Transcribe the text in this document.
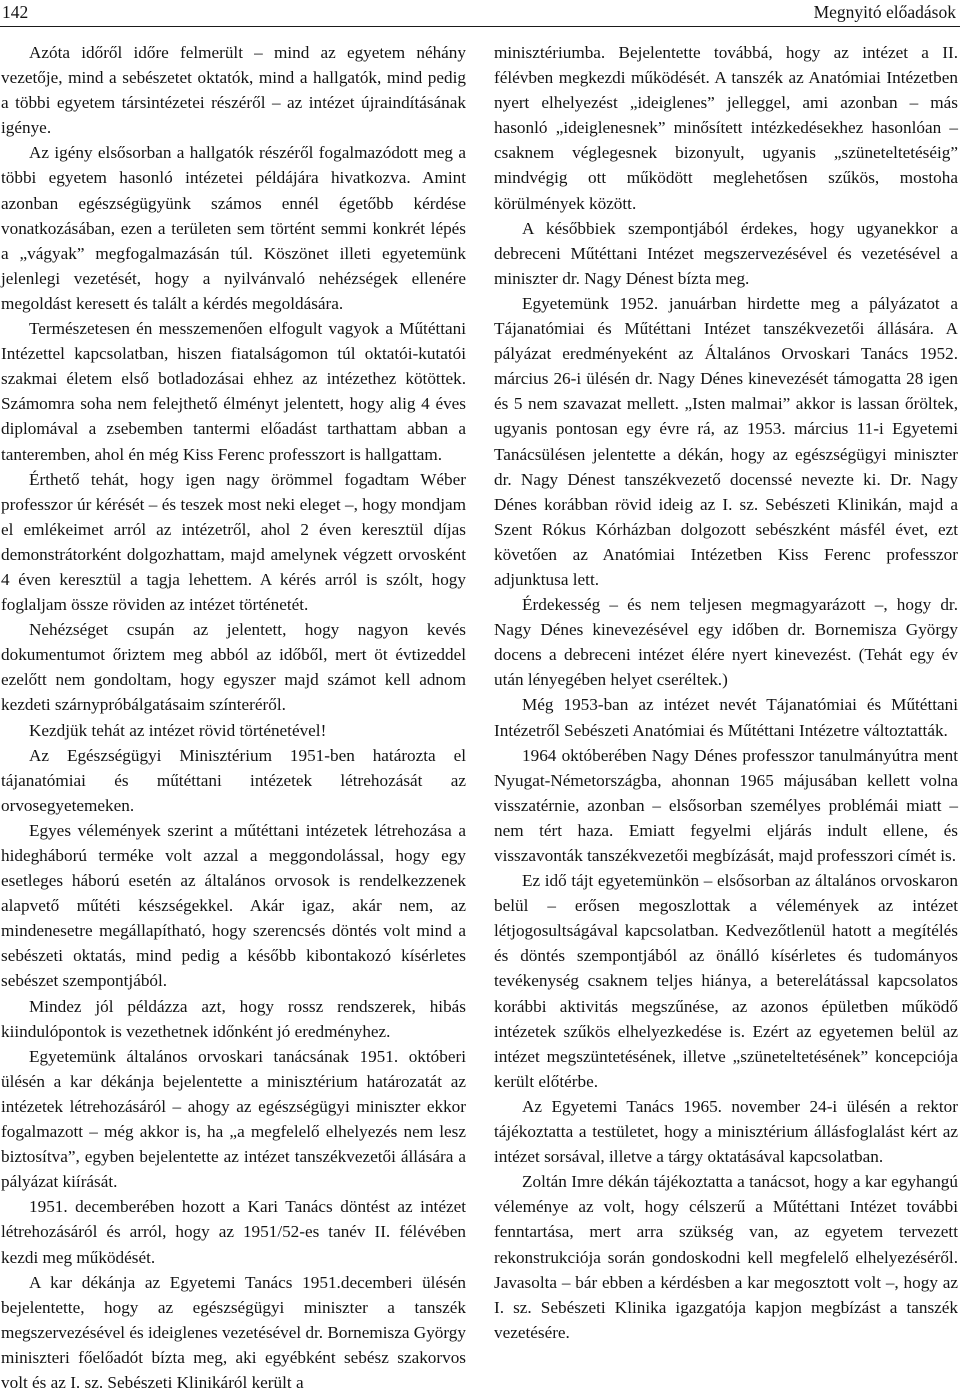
142	Megnyitó előadások

Azóta időről időre felmerült – mind az egyetem néhány vezetője, mind a sebészetet oktatók, mind a hallgatók, mind pedig a többi egyetem társintézetei részéről – az intézet újraindításának igénye.

Az igény elsősorban a hallgatók részéről fogalmazódott meg a többi egyetem hasonló intézetei példájára hivatkozva. Amint azonban egészségügyünk számos ennél égetőbb kérdése vonatkozásában, ezen a területen sem történt semmi konkrét lépés a „vágyak” megfogalmazásán túl. Köszönet illeti egyetemünk jelenlegi vezetését, hogy a nyilvánvaló nehézségek ellenére megoldást keresett és talált a kérdés megoldására.

Természetesen én messzemenően elfogult vagyok a Műtéttani Intézettel kapcsolatban, hiszen fiatalságomon túl oktatói-kutatói szakmai életem első botladozásai ehhez az intézethez kötöttek. Számomra soha nem felejthető élményt jelentett, hogy alig 4 éves diplomával a zsebemben tantermi előadást tarthattam abban a tanteremben, ahol én még Kiss Ferenc professzort is hallgattam.

Érthető tehát, hogy igen nagy örömmel fogadtam Wéber professzor úr kérését – és teszek most neki eleget –, hogy mondjam el emlékeimet arról az intézetről, ahol 2 éven keresztül díjas demonstrátorként dolgozhattam, majd amelynek végzett orvosként 4 éven keresztül a tagja lehettem. A kérés arról is szólt, hogy foglaljam össze röviden az intézet történetét.

Nehézséget csupán az jelentett, hogy nagyon kevés dokumentumot őriztem meg abból az időből, mert öt évtizeddel ezelőtt nem gondoltam, hogy egyszer majd számot kell adnom kezdeti szárnypróbálgatásaim színteréről.

Kezdjük tehát az intézet rövid történetével!

Az Egészségügyi Minisztérium 1951-ben határozta el tájanatómiai és műtéttani intézetek létrehozását az orvosegyetemeken.

Egyes vélemények szerint a műtéttani intézetek létrehozása a hidegháború terméke volt azzal a meggondolással, hogy egy esetleges háború esetén az általános orvosok is rendelkezzenek alapvető műtéti készségekkel. Akár igaz, akár nem, az mindenesetre megállapítható, hogy szerencsés döntés volt mind a sebészeti oktatás, mind pedig a később kibontakozó kísérletes sebészet szempontjából.

Mindez jól példázza azt, hogy rossz rendszerek, hibás kiindulópontok is vezethetnek időnként jó eredményhez.

Egyetemünk általános orvoskari tanácsának 1951. októberi ülésén a kar dékánja bejelentette a minisztérium határozatát az intézetek létrehozásáról – ahogy az egészségügyi miniszter ekkor fogalmazott – még akkor is, ha „a megfelelő elhelyezés nem lesz biztosítva”, egyben bejelentette az intézet tanszékvezetői állására a pályázat kiírását.

1951. decemberében hozott a Kari Tanács döntést az intézet létrehozásáról és arról, hogy az 1951/52-es tanév II. félévében kezdi meg működését.

A kar dékánja az Egyetemi Tanács 1951.decemberi ülésén bejelentette, hogy az egészségügyi miniszter a tanszék megszervezésével és ideiglenes vezetésével dr. Bornemisza György miniszteri főelőadót bízta meg, aki egyébként sebész szakorvos volt és az I. sz. Sebészeti Klinikáról került a

minisztériumba. Bejelentette továbbá, hogy az intézet a II. félévben megkezdi működését. A tanszék az Anatómiai Intézetben nyert elhelyezést „ideiglenes” jelleggel, ami azonban – más hasonló „ideiglenesnek” minősített intézkedésekhez hasonlóan – csaknem véglegesnek bizonyult, ugyanis „szüneteltetéséig” mindvégig ott működött meglehetősen szűkös, mostoha körülmények között.

A későbbiek szempontjából érdekes, hogy ugyanekkor a debreceni Műtéttani Intézet megszervezésével és vezetésével a miniszter dr. Nagy Dénest bízta meg.

Egyetemünk 1952. januárban hirdette meg a pályázatot a Tájanatómiai és Műtéttani Intézet tanszékvezetői állására. A pályázat eredményeként az Általános Orvoskari Tanács 1952. március 26-i ülésén dr. Nagy Dénes kinevezését támogatta 28 igen és 5 nem szavazat mellett. „Isten malmai” akkor is lassan őröltek, ugyanis pontosan egy évre rá, az 1953. március 11-i Egyetemi Tanácsülésen jelentette a dékán, hogy az egészségügyi miniszter dr. Nagy Dénest tanszékvezető docenssé nevezte ki. Dr. Nagy Dénes korábban rövid ideig az I. sz. Sebészeti Klinikán, majd a Szent Rókus Kórházban dolgozott sebészként másfél évet, ezt követően az Anatómiai Intézetben Kiss Ferenc professzor adjunktusa lett.

Érdekesség – és nem teljesen megmagyarázott –, hogy dr. Nagy Dénes kinevezésével egy időben dr. Bornemisza György docens a debreceni intézet élére nyert kinevezést. (Tehát egy év után lényegében helyet cseréltek.)

Még 1953-ban az intézet nevét Tájanatómiai és Műtéttani Intézetről Sebészeti Anatómiai és Műtéttani Intézetre változtatták.

1964 októberében Nagy Dénes professzor tanulmányútra ment Nyugat-Németországba, ahonnan 1965 májusában kellett volna visszatérnie, azonban – elsősorban személyes problémái miatt – nem tért haza. Emiatt fegyelmi eljárás indult ellene, és visszavonták tanszékvezetői megbízását, majd professzori címét is.

Ez idő tájt egyetemünkön – elsősorban az általános orvoskaron belül – erősen megoszlottak a vélemények az intézet létjogosultságával kapcsolatban. Kedvezőtlenül hatott a megítélés és döntés szempontjából az önálló kísérletes és tudományos tevékenység csaknem teljes hiánya, a beterelátással kapcsolatos korábbi aktivitás megszűnése, az azonos épületben működő intézetek szűkös elhelyezkedése is. Ezért az egyetemen belül az intézet megszüntetésének, illetve „szüneteltetésének” koncepciója került előtérbe.

Az Egyetemi Tanács 1965. november 24-i ülésén a rektor tájékoztatta a testületet, hogy a minisztérium állásfoglalást kért az intézet sorsával, illetve a tárgy oktatásával kapcsolatban.

Zoltán Imre dékán tájékoztatta a tanácsot, hogy a kar egyhangú véleménye az volt, hogy célszerű a Műtéttani Intézet további fenntartása, mert arra szükség van, az egyetem tervezett rekonstrukciója során gondoskodni kell megfelelő elhelyezéséről. Javasolta – bár ebben a kérdésben a kar megosztott volt –, hogy az I. sz. Sebészeti Klinika igazgatója kapjon megbízást a tanszék vezetésére.
